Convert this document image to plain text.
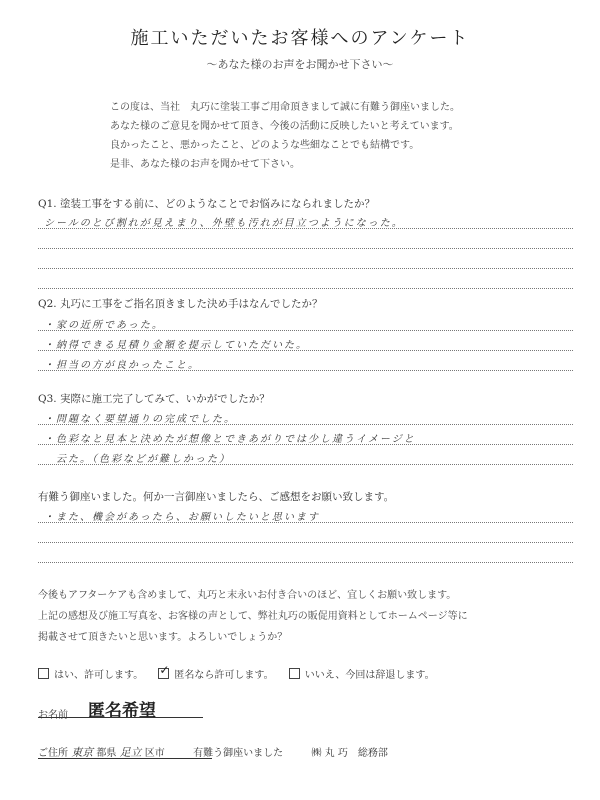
施工いただいたお客様へのアンケート
〜あなた様のお声をお聞かせ下さい〜
この度は、当社　丸巧に塗装工事ご用命頂きまして誠に有難う御座いました。
あなた様のご意見を聞かせて頂き、今後の活動に反映したいと考えています。
良かったこと、悪かったこと、どのような些細なことでも結構です。
是非、あなた様のお声を聞かせて下さい。
Q1. 塗装工事をする前に、どのようなことでお悩みになられましたか？
シールのとび割れが見えまり、外壁も汚れが目立つようになった。
Q2. 丸巧に工事をご指名頂きました決め手はなんでしたか？
・家の近所であった。
・納得できる見積り金額を提示していただいた。
・担当の方が良かったこと。
Q3. 実際に施工完了してみて、いかがでしたか？
・問題なく要望通りの完成でした。
・色彩なと見本と決めたが想像とできあがりでは少し違うイメージと
　云た。（色彩などが難しかった）
有難う御座いました。何か一言御座いましたら、ご感想をお願い致します。
・また、機会があったら、お願いしたいと思います
今後もアフターケアも含めまして、丸巧と末永いお付き合いのほど、宜しくお願い致します。
上記の感想及び施工写真を、お客様の声として、弊社丸巧の販促用資料としてホームページ等に
掲載させて頂きたいと思います。よろしいでしょうか？
はい、許可します。 ✓	匿名なら許可します。	いいえ、今回は辞退します。
お名前 匿名希望
ご住所 東京 都県 足立 区市	有難う御座いました	㈱ 丸 巧　総務部
